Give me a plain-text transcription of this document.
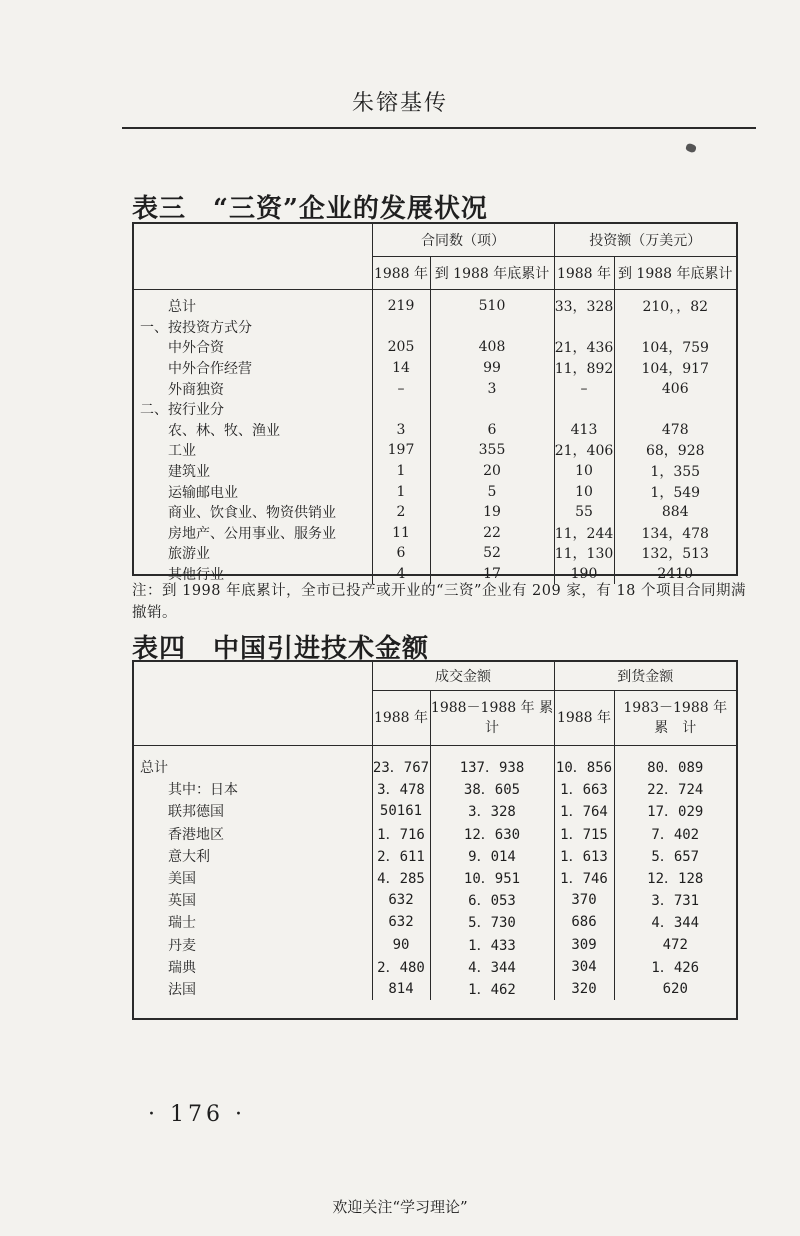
朱镕基传
表三　“三资”企业的发展状况
	合同数（项）		投资额（万美元）	
	1988 年	到 1988 年底累计	1988 年	到 1988 年底累计
总计	219	510	33，328	210，，82
一、按投资方式分				
中外合资	205	408	21，436	104，759
中外合作经营	14	99	11，892	104，917
外商独资	–	3	–	406
二、按行业分				
农、林、牧、渔业	3	6	413	478
工业	197	355	21，406	68，928
建筑业	1	20	10	1，355
运输邮电业	1	5	10	1，549
商业、饮食业、物资供销业	2	19	55	884
房地产、公用事业、服务业	11	22	11，244	134，478
旅游业	6	52	11，130	132，513
其他行业	4	17	190	2410
注：到 1998 年底累计，全市已投产或开业的“三资”企业有 209 家，有 18 个项目合同期满撤销。
表四　中国引进技术金额
	成交金额		到货金额	
	1988 年	1988－1988 年 累　计	1988 年	1983－1988 年 累　计
总计	23．767	137．938	10．856	80．089
其中：日本	3．478	38．605	1．663	22．724
联邦德国	50161	3．328	1．764	17．029
香港地区	1．716	12．630	1．715	7．402
意大利	2．611	9．014	1．613	5．657
美国	4．285	10．951	1．746	12．128
英国	632	6．053	370	3．731
瑞士	632	5．730	686	4．344
丹麦	90	1．433	309	472
瑞典	2．480	4．344	304	1．426
法国	814	1．462	320	620
· 176 ·
欢迎关注“学习理论”
